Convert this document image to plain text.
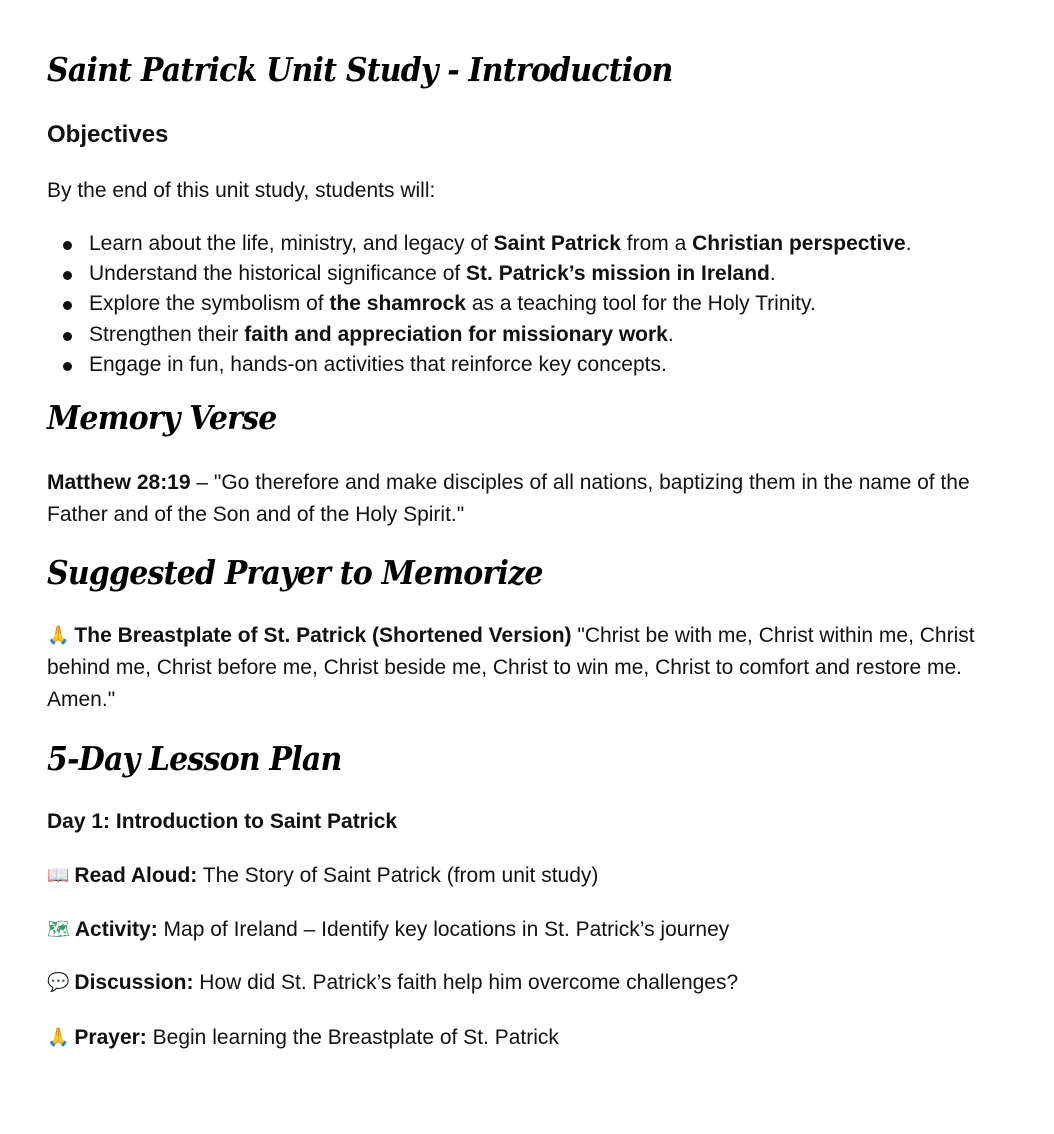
Saint Patrick Unit Study - Introduction
Objectives

By the end of this unit study, students will:

Learn about the life, ministry, and legacy of Saint Patrick from a Christian perspective.
Understand the historical significance of St. Patrick’s mission in Ireland.
Explore the symbolism of the shamrock as a teaching tool for the Holy Trinity.
Strengthen their faith and appreciation for missionary work.
Engage in fun, hands-on activities that reinforce key concepts.
Memory Verse

Matthew 28:19 – "Go therefore and make disciples of all nations, baptizing them in the name of the Father and of the Son and of the Holy Spirit."

Suggested Prayer to Memorize

🙏 The Breastplate of St. Patrick (Shortened Version) "Christ be with me, Christ within me, Christ behind me, Christ before me, Christ beside me, Christ to win me, Christ to comfort and restore me. Amen."

5-Day Lesson Plan

Day 1: Introduction to Saint Patrick

📖 Read Aloud: The Story of Saint Patrick (from unit study)

🗺 Activity: Map of Ireland – Identify key locations in St. Patrick’s journey

💬 Discussion: How did St. Patrick’s faith help him overcome challenges?

🙏 Prayer: Begin learning the Breastplate of St. Patrick
